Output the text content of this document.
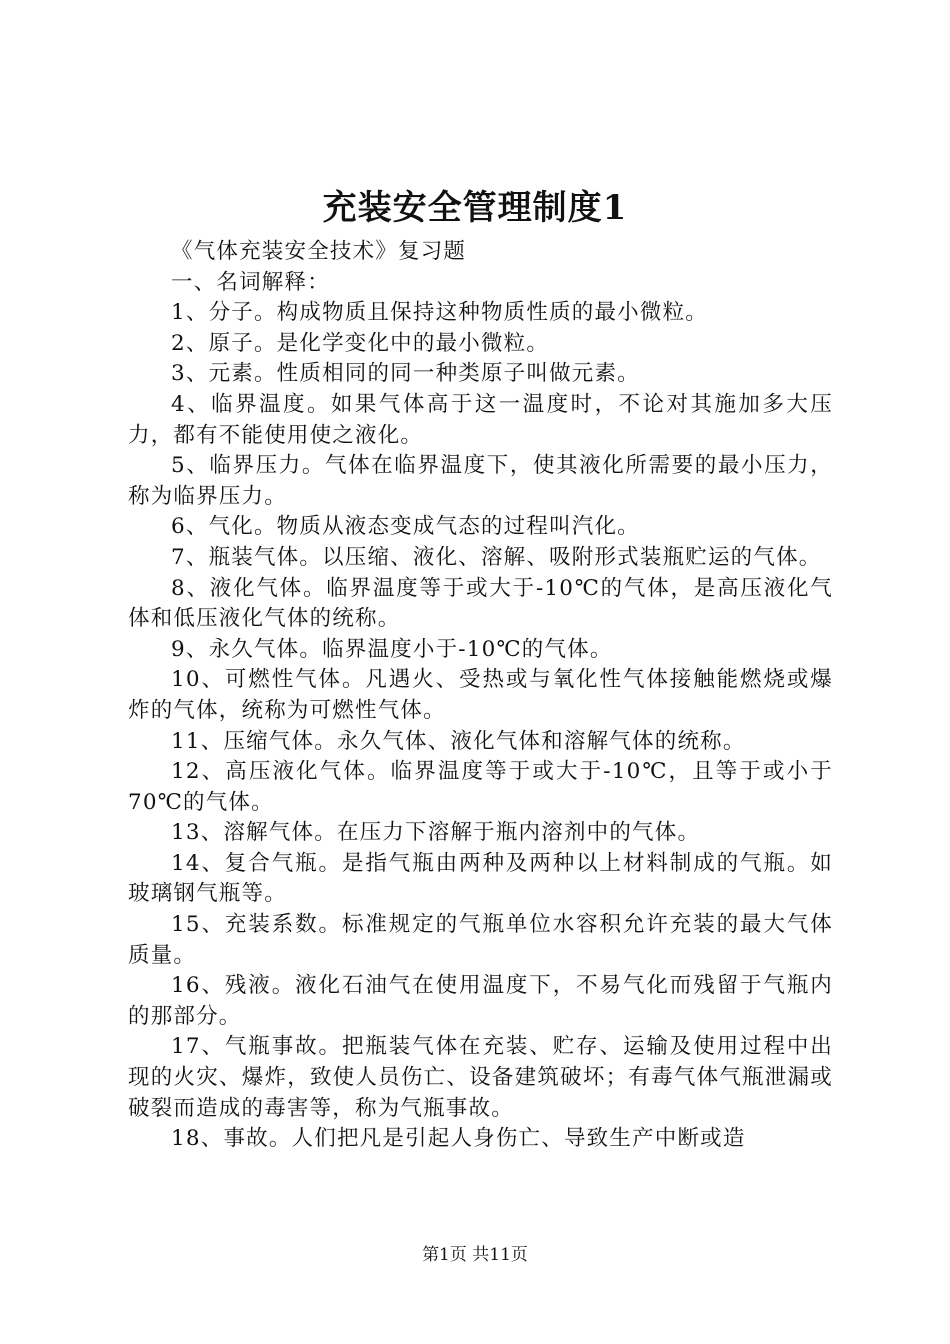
充装安全管理制度1

《气体充装安全技术》复习题

一、名词解释：

1、分子。构成物质且保持这种物质性质的最小微粒。

2、原子。是化学变化中的最小微粒。

3、元素。性质相同的同一种类原子叫做元素。

4、临界温度。如果气体高于这一温度时，不论对其施加多大压力，都有不能使用使之液化。

5、临界压力。气体在临界温度下，使其液化所需要的最小压力，称为临界压力。

6、气化。物质从液态变成气态的过程叫汽化。

7、瓶装气体。以压缩、液化、溶解、吸附形式装瓶贮运的气体。

8、液化气体。临界温度等于或大于-10℃的气体，是高压液化气体和低压液化气体的统称。

9、永久气体。临界温度小于-10℃的气体。

10、可燃性气体。凡遇火、受热或与氧化性气体接触能燃烧或爆炸的气体，统称为可燃性气体。

11、压缩气体。永久气体、液化气体和溶解气体的统称。

12、高压液化气体。临界温度等于或大于-10℃，且等于或小于70℃的气体。

13、溶解气体。在压力下溶解于瓶内溶剂中的气体。

14、复合气瓶。是指气瓶由两种及两种以上材料制成的气瓶。如玻璃钢气瓶等。

15、充装系数。标准规定的气瓶单位水容积允许充装的最大气体质量。

16、残液。液化石油气在使用温度下，不易气化而残留于气瓶内的那部分。

17、气瓶事故。把瓶装气体在充装、贮存、运输及使用过程中出现的火灾、爆炸，致使人员伤亡、设备建筑破坏；有毒气体气瓶泄漏或破裂而造成的毒害等，称为气瓶事故。

18、事故。人们把凡是引起人身伤亡、导致生产中断或造

第1页 共11页
